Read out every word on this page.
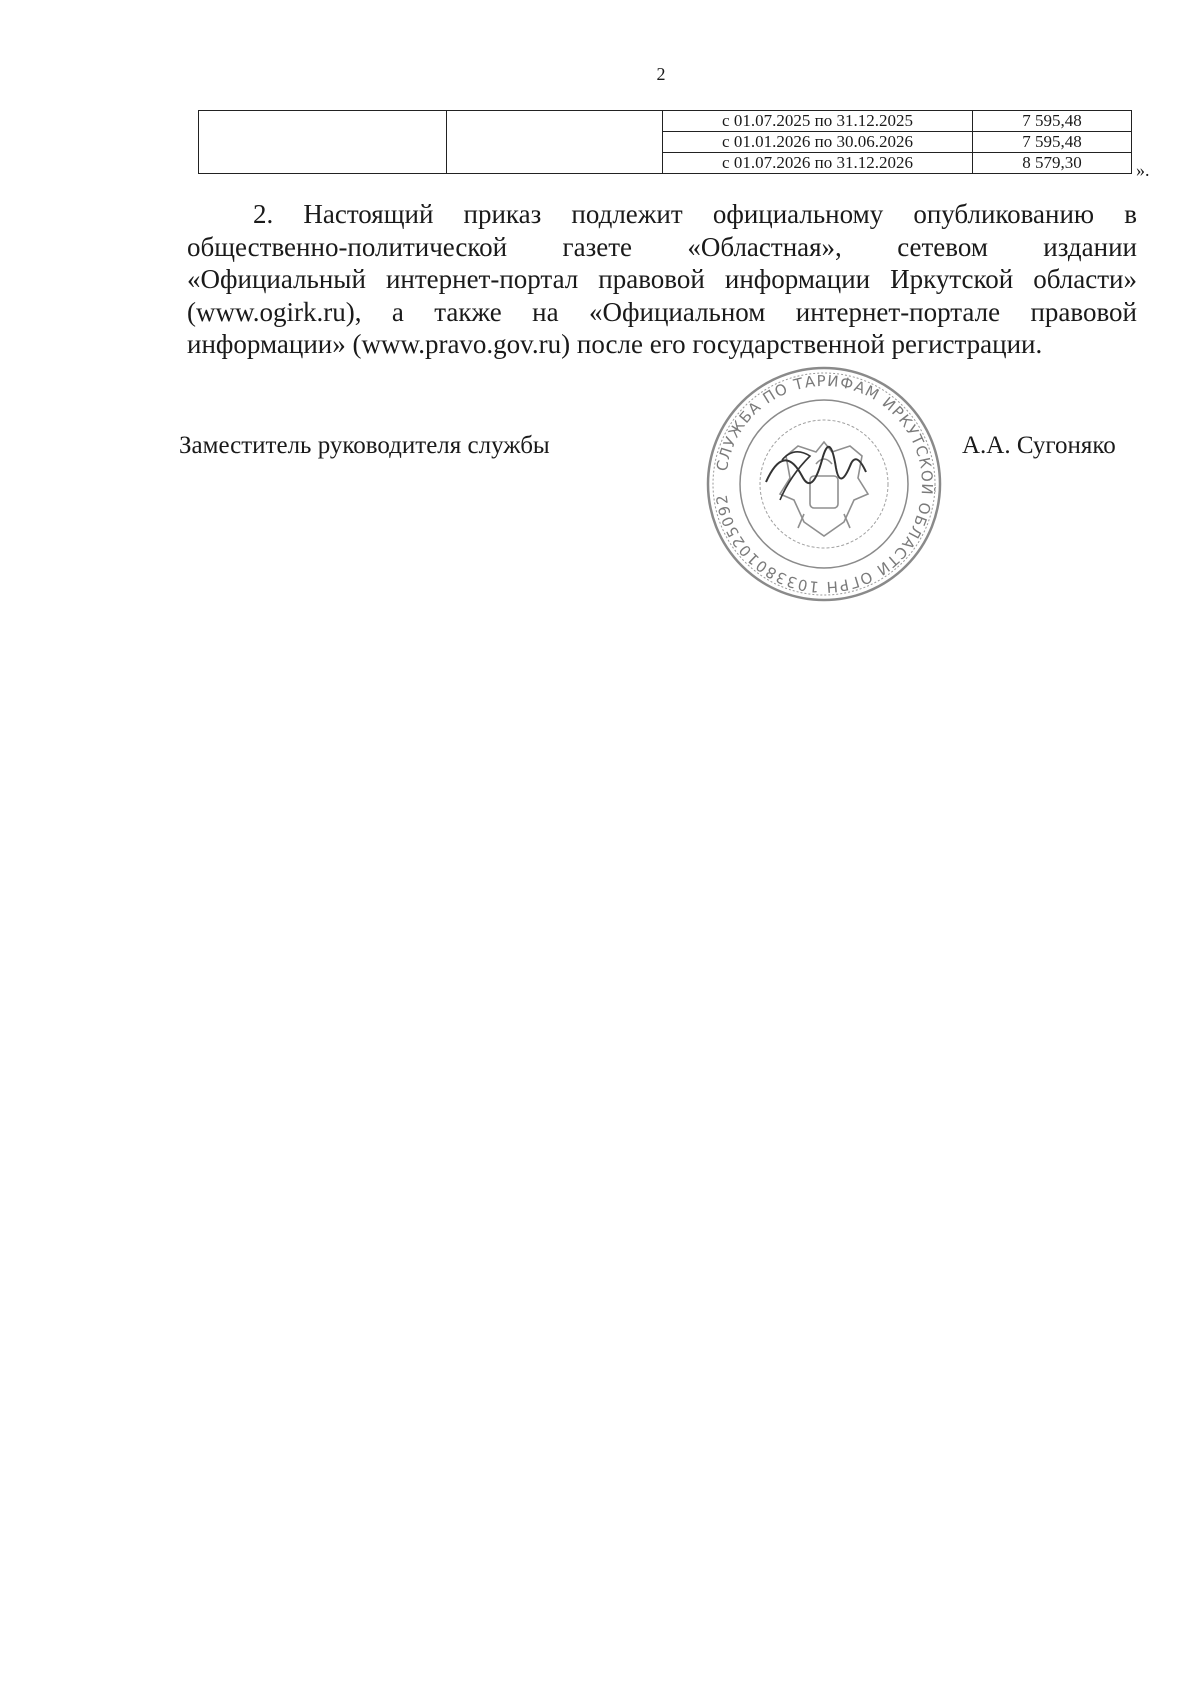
2
		с 01.07.2025 по 31.12.2025	7 595,48
		с 01.01.2026 по 30.06.2026	7 595,48
		с 01.07.2026 по 31.12.2026	8 579,30	».
2. Настоящий приказ подлежит официальному опубликованию в
общественно-политической газете «Областная», сетевом издании
«Официальный интернет-портал правовой информации Иркутской области»
(www.ogirk.ru), а также на «Официальном интернет-портале правовой
информации» (www.pravo.gov.ru) после его государственной регистрации.
Заместитель руководителя службы
СЛУЖБА ПО ТАРИФАМ ИРКУТСКОЙ ОБЛАСТИ ОГРН 1033801025092
А.А. Сугоняко
